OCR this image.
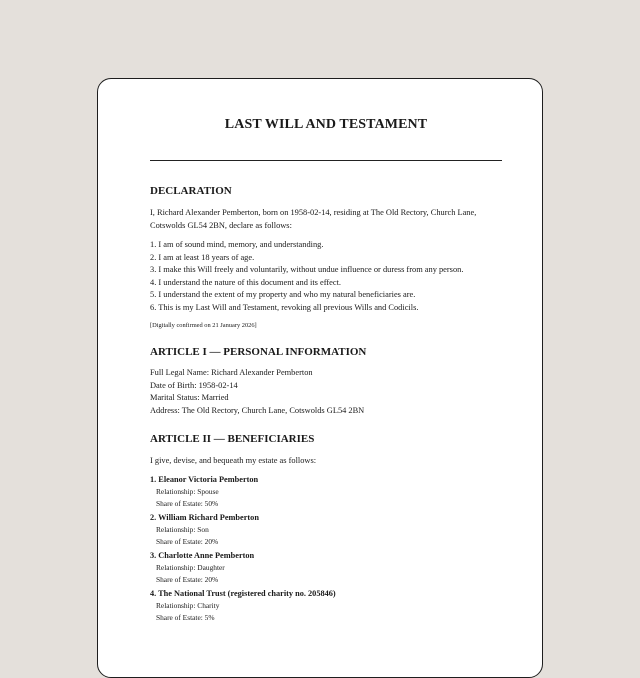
LAST WILL AND TESTAMENT
DECLARATION
I, Richard Alexander Pemberton, born on 1958-02-14, residing at The Old Rectory, Church Lane,
Cotswolds GL54 2BN, declare as follows:
1. I am of sound mind, memory, and understanding.
2. I am at least 18 years of age.
3. I make this Will freely and voluntarily, without undue influence or duress from any person.
4. I understand the nature of this document and its effect.
5. I understand the extent of my property and who my natural beneficiaries are.
6. This is my Last Will and Testament, revoking all previous Wills and Codicils.
[Digitally confirmed on 21 January 2026]
ARTICLE I — PERSONAL INFORMATION
Full Legal Name: Richard Alexander Pemberton
Date of Birth: 1958-02-14
Marital Status: Married
Address: The Old Rectory, Church Lane, Cotswolds GL54 2BN
ARTICLE II — BENEFICIARIES
I give, devise, and bequeath my estate as follows:
1. Eleanor Victoria Pemberton
Relationship: Spouse
Share of Estate: 50%
2. William Richard Pemberton
Relationship: Son
Share of Estate: 20%
3. Charlotte Anne Pemberton
Relationship: Daughter
Share of Estate: 20%
4. The National Trust (registered charity no. 205846)
Relationship: Charity
Share of Estate: 5%
